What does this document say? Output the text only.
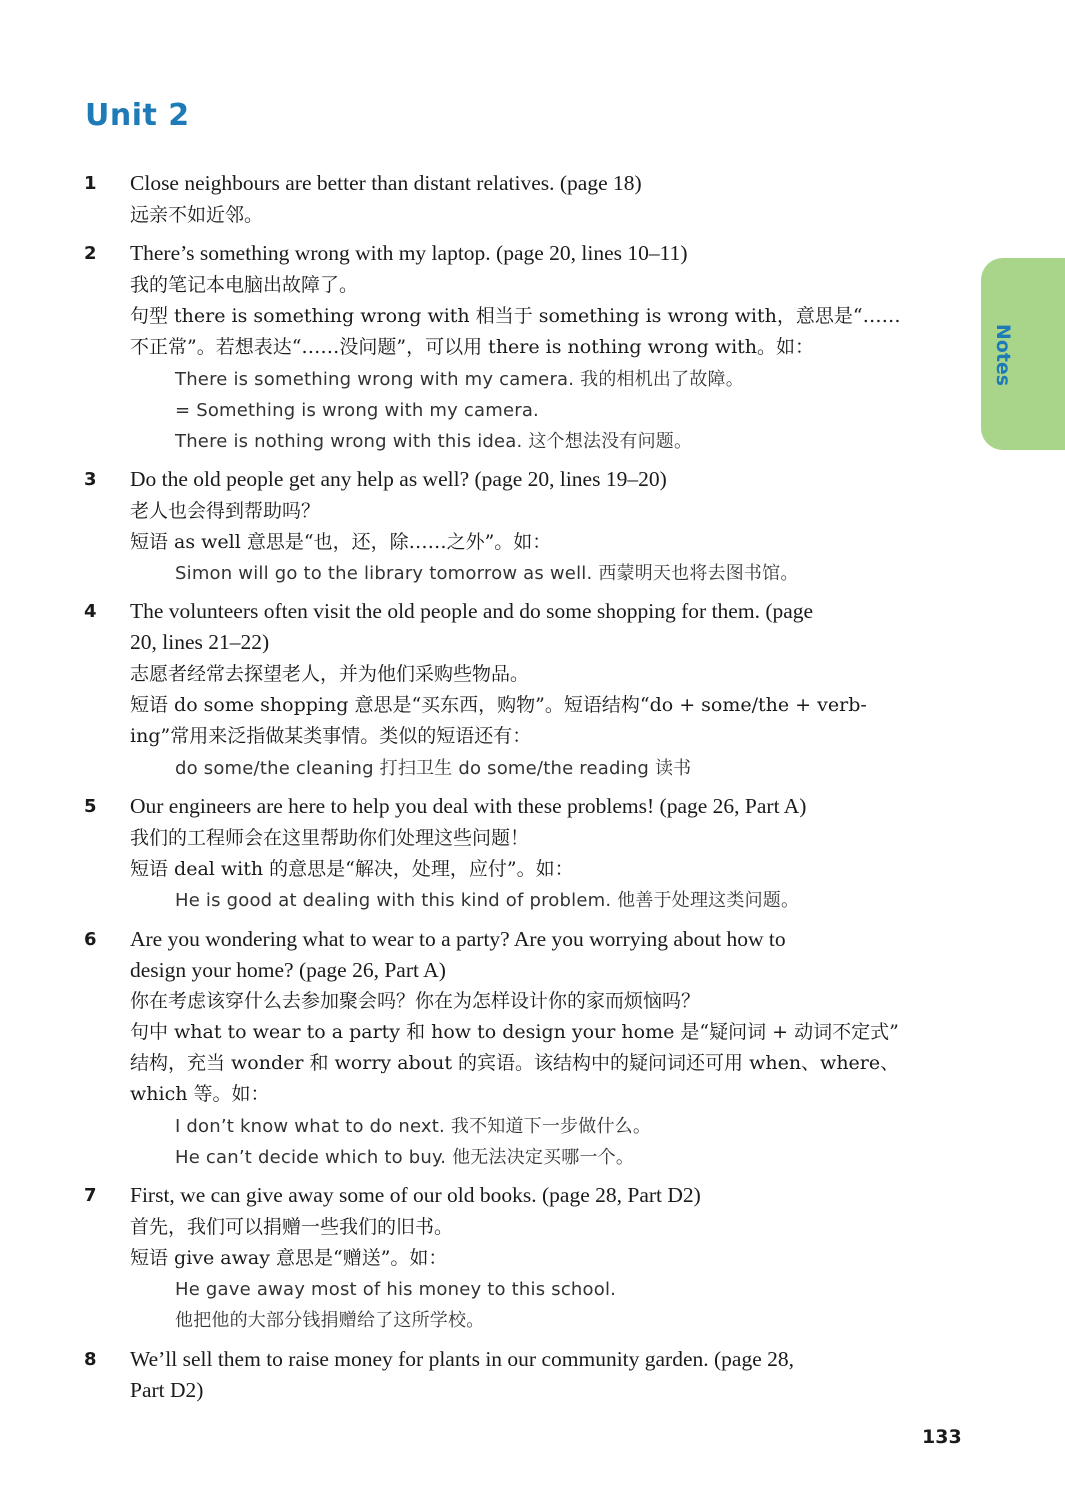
Unit 2
Notes
1 Close neighbours are better than distant relatives. (page 18)
远亲不如近邻。
2 There’s something wrong with my laptop. (page 20, lines 10–11)
我的笔记本电脑出故障了。
句型 there is something wrong with 相当于 something is wrong with，意思是“……
不正常”。若想表达“……没问题”，可以用 there is nothing wrong with。如：
There is something wrong with my camera. 我的相机出了故障。
= Something is wrong with my camera.
There is nothing wrong with this idea. 这个想法没有问题。
3 Do the old people get any help as well? (page 20, lines 19–20)
老人也会得到帮助吗？
短语 as well 意思是“也，还，除……之外”。如：
Simon will go to the library tomorrow as well. 西蒙明天也将去图书馆。
4 The volunteers often visit the old people and do some shopping for them. (page
20, lines 21–22)
志愿者经常去探望老人，并为他们采购些物品。
短语 do some shopping 意思是“买东西，购物”。短语结构“do + some/the + verb-
ing”常用来泛指做某类事情。类似的短语还有：
do some/the cleaning 打扫卫生 do some/the reading 读书
5 Our engineers are here to help you deal with these problems! (page 26, Part A)
我们的工程师会在这里帮助你们处理这些问题！
短语 deal with 的意思是“解决，处理，应付”。如：
He is good at dealing with this kind of problem. 他善于处理这类问题。
6 Are you wondering what to wear to a party? Are you worrying about how to
design your home? (page 26, Part A)
你在考虑该穿什么去参加聚会吗？你在为怎样设计你的家而烦恼吗？
句中 what to wear to a party 和 how to design your home 是“疑问词 + 动词不定式”
结构，充当 wonder 和 worry about 的宾语。该结构中的疑问词还可用 when、where、
which 等。如：
I don’t know what to do next. 我不知道下一步做什么。
He can’t decide which to buy. 他无法决定买哪一个。
7 First, we can give away some of our old books. (page 28, Part D2)
首先，我们可以捐赠一些我们的旧书。
短语 give away 意思是“赠送”。如：
He gave away most of his money to this school.
他把他的大部分钱捐赠给了这所学校。
8 We’ll sell them to raise money for plants in our community garden. (page 28,
Part D2)
133
